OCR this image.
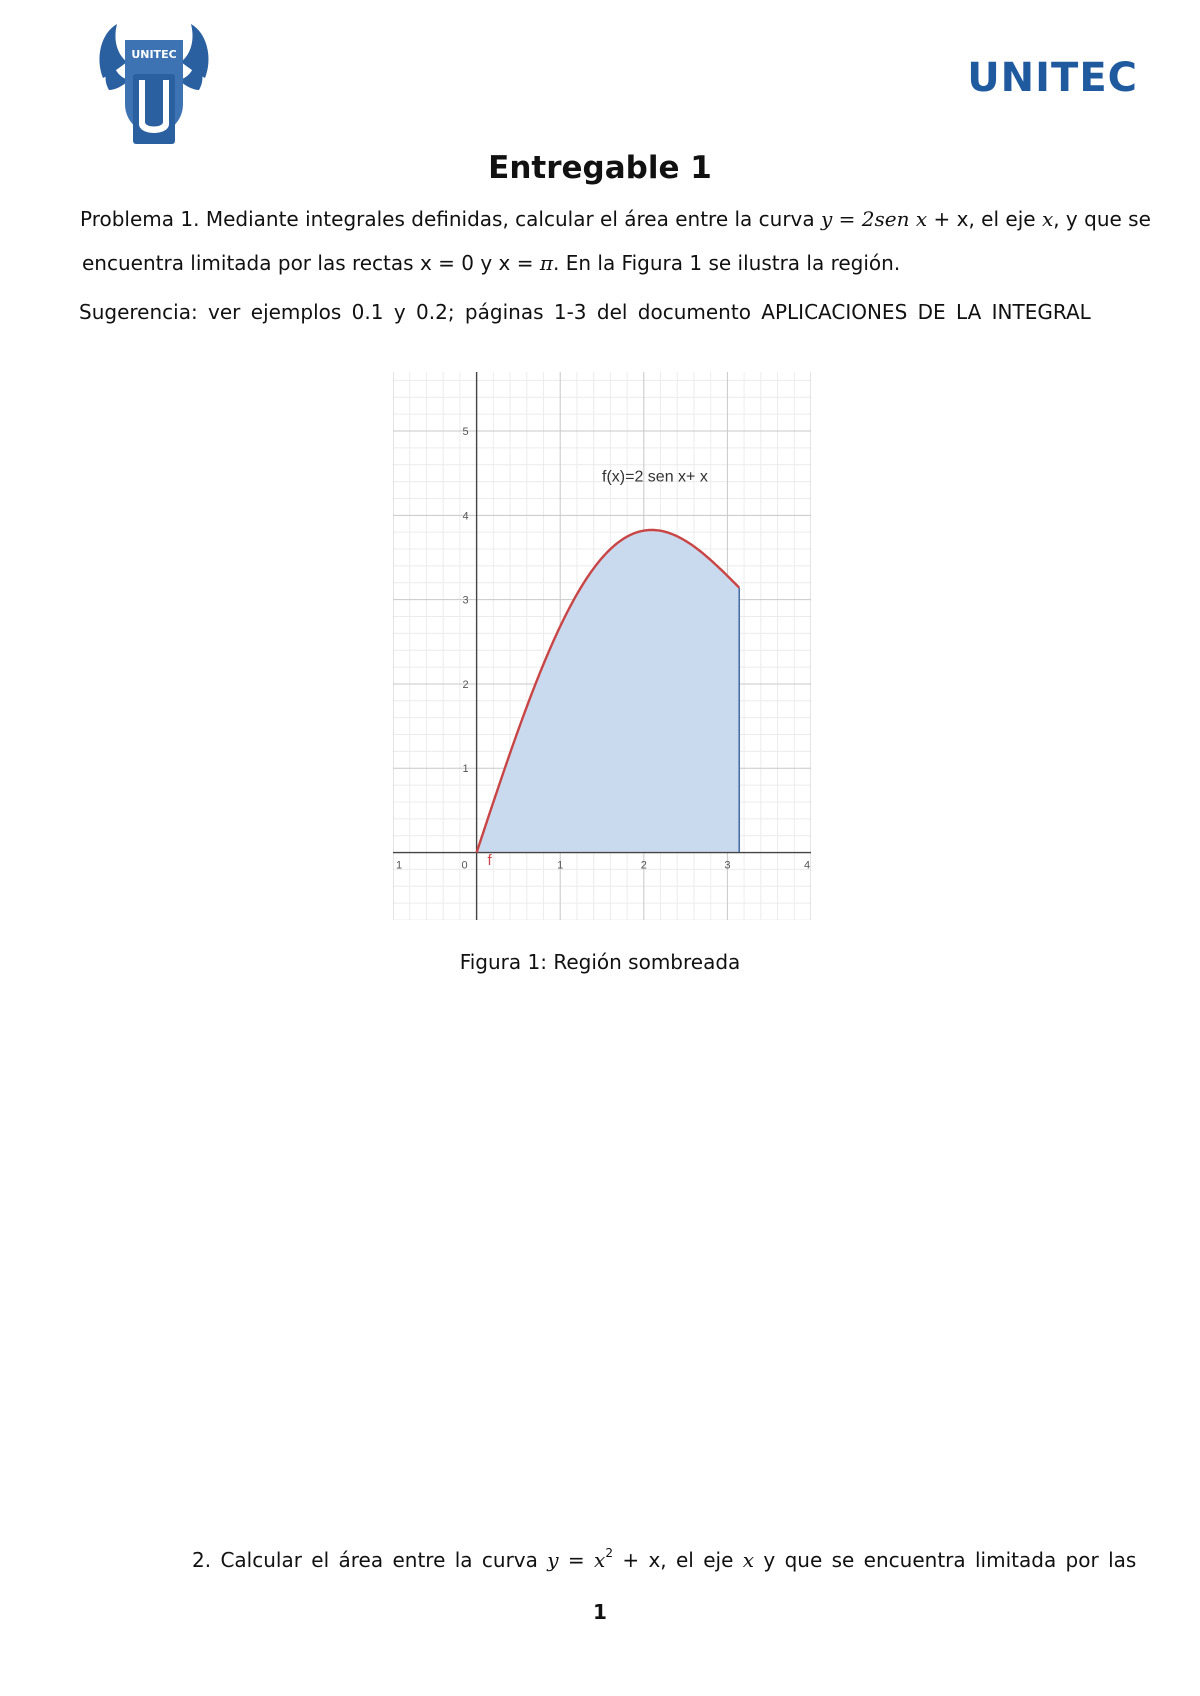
UNITEC
UNITEC
Entregable 1
Problema 1. Mediante integrales definidas, calcular el área entre la curva y = 2sen x + x, el eje x, y que se
encuentra limitada por las rectas x = 0 y x = π. En la Figura 1 se ilustra la región.
Sugerencia: ver ejemplos 0.1 y 0.2; páginas 1-3 del documento APLICACIONES DE LA INTEGRAL
1	0	1	2	3	4
1
2
3
4
5
f(x)=2 sen x+ x
f
Figura 1: Región sombreada
2. Calcular el área entre la curva $y = x^2 + x$, el eje x y que se encuentra limitada por las
1
